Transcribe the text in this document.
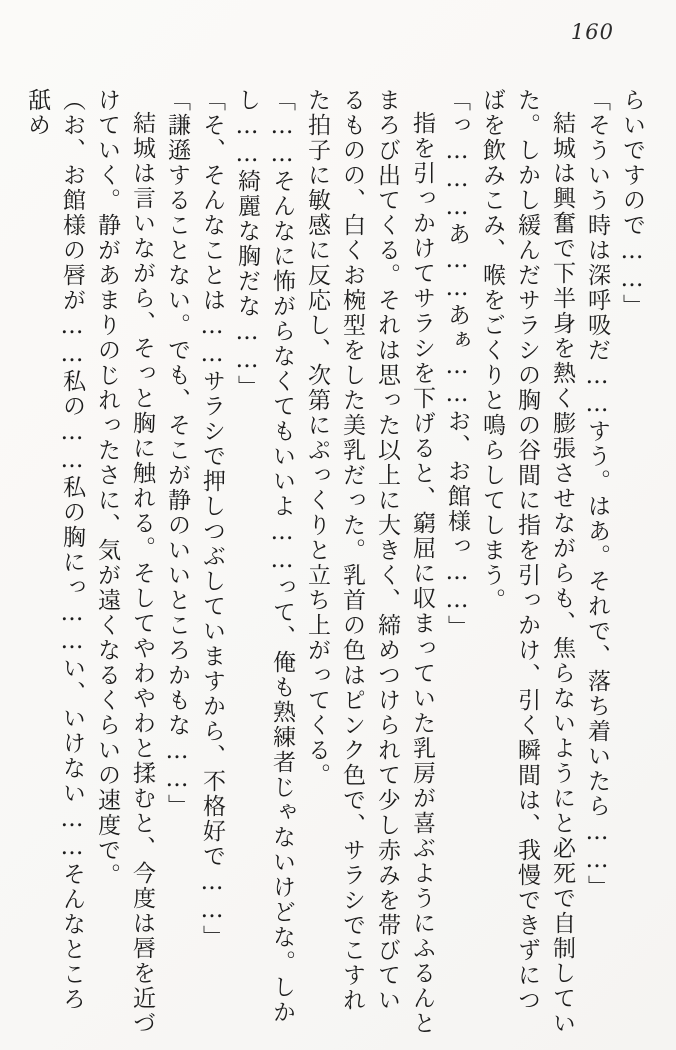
160

らいですので……」

「そういう時は深呼吸だ……すう。はあ。それで、落ち着いたら……」

結城は興奮で下半身を熱く膨張させながらも、焦らないようにと必死で自制していた。しかし緩んだサラシの胸の谷間に指を引っかけ、引く瞬間は、我慢できずにつばを飲みこみ、喉をごくりと鳴らしてしまう。

「っ………あ……あぁ……お、お館様っ……」

指を引っかけてサラシを下げると、窮屈に収まっていた乳房が喜ぶようにふるんとまろび出てくる。それは思った以上に大きく、締めつけられて少し赤みを帯びているものの、白くお椀型をした美乳だった。乳首の色はピンク色で、サラシでこすれた拍子に敏感に反応し、次第にぷっくりと立ち上がってくる。

「……そんなに怖がらなくてもいいよ……って、俺も熟練者じゃないけどな。しかし……綺麗な胸だな……」

「そ、そんなことは……サラシで押しつぶしていますから、不格好で……」

「謙遜することない。でも、そこが静のいいところかもな……」

結城は言いながら、そっと胸に触れる。そしてやわやわと揉むと、今度は唇を近づけていく。静があまりのじれったさに、気が遠くなるくらいの速度で。

（お、お館様の唇が……私の……私の胸にっ……い、いけない……そんなところ舐め
